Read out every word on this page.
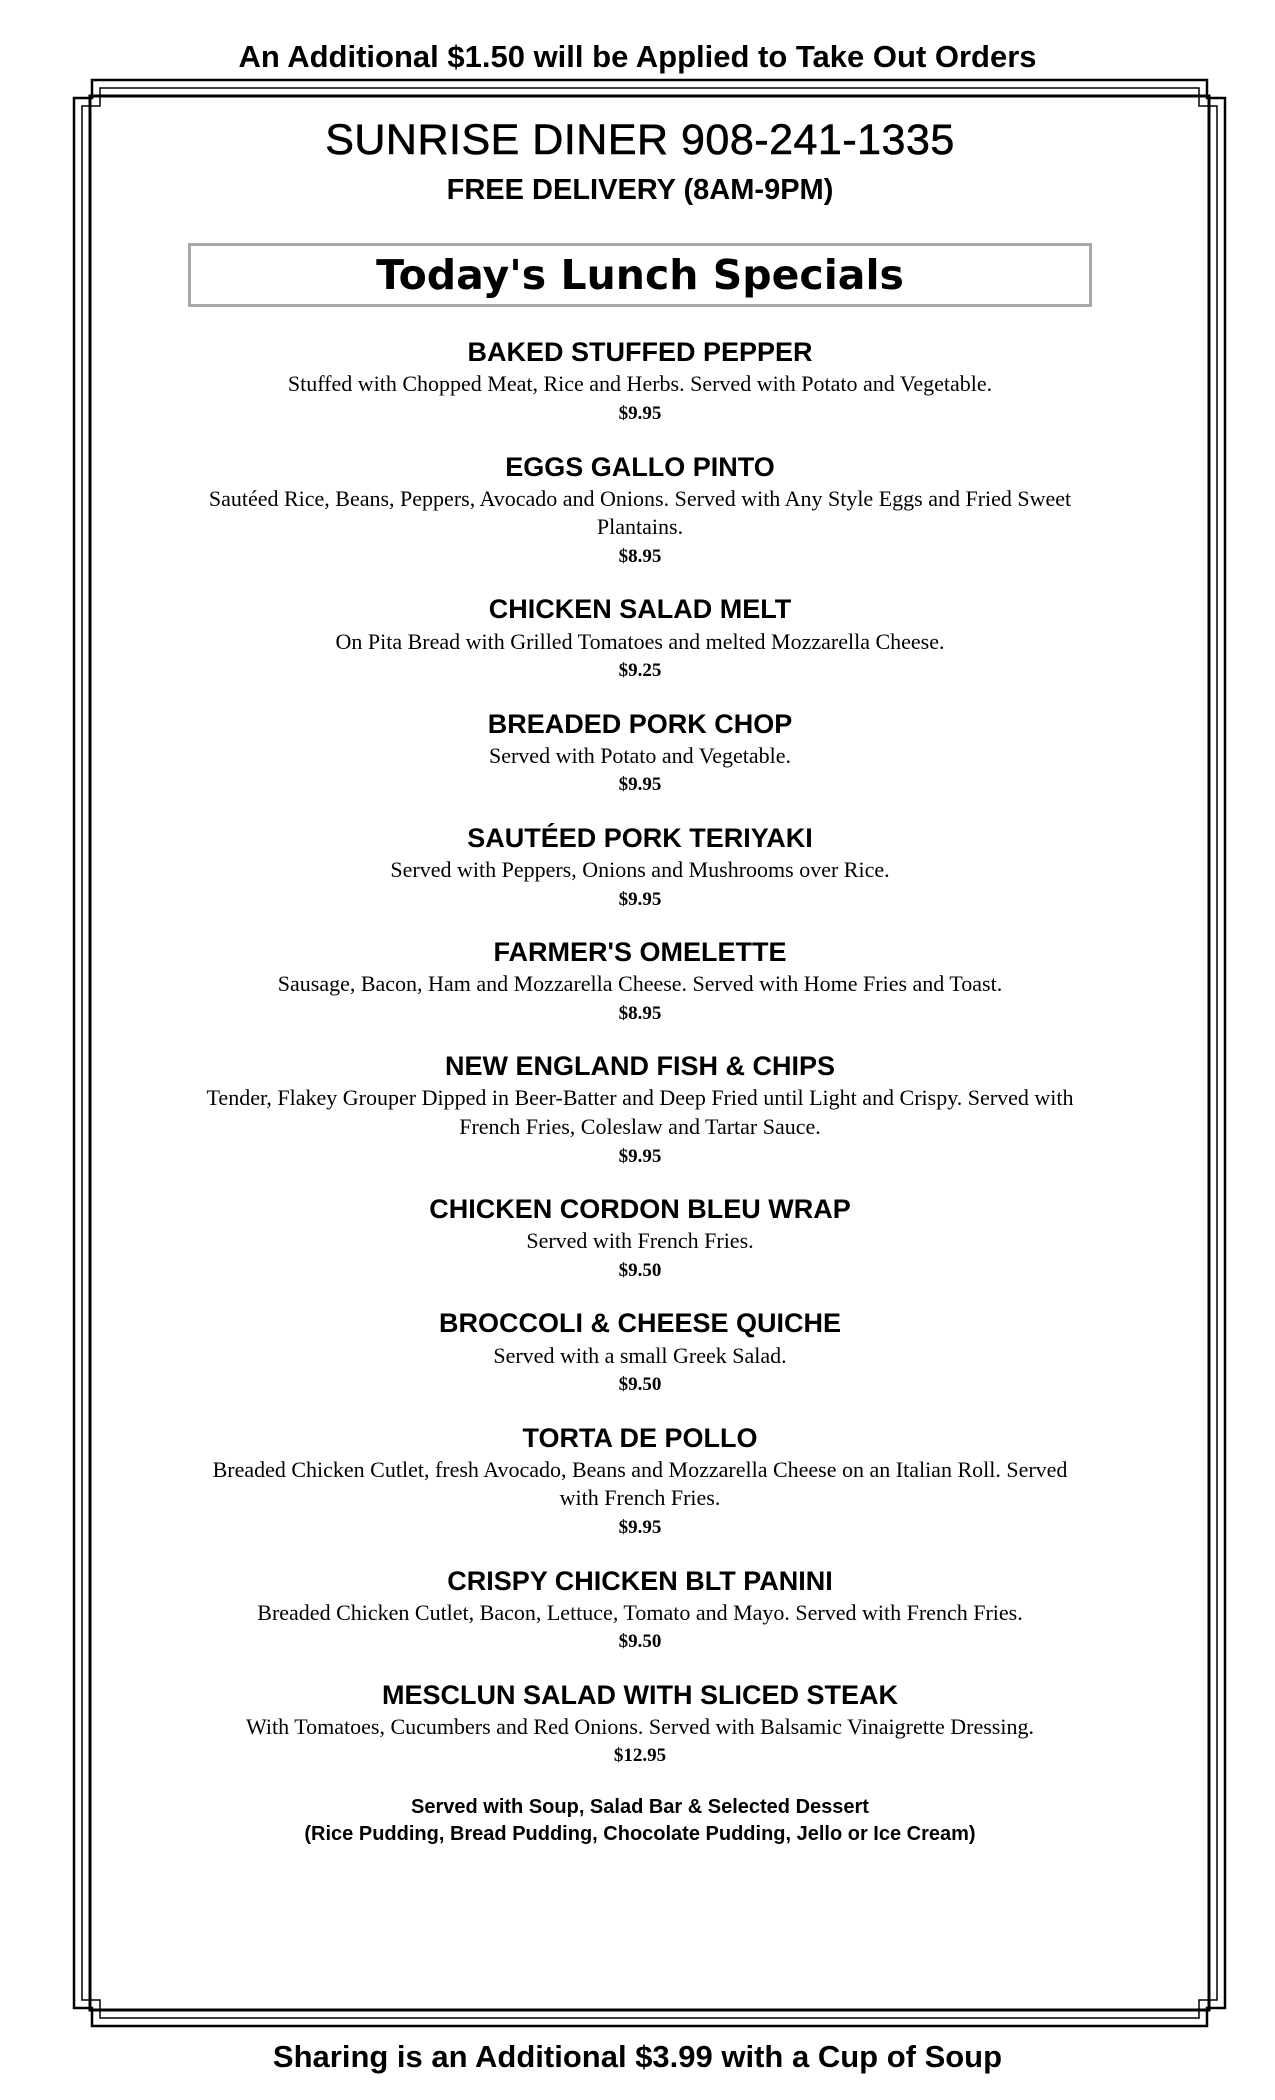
An Additional $1.50 will be Applied to Take Out Orders
SUNRISE DINER 908-241-1335
FREE DELIVERY (8AM-9PM)
Today's Lunch Specials
BAKED STUFFED PEPPER
Stuffed with Chopped Meat, Rice and Herbs. Served with Potato and Vegetable.
$9.95
EGGS GALLO PINTO
Sautéed Rice, Beans, Peppers, Avocado and Onions. Served with Any Style Eggs and Fried Sweet Plantains.
$8.95
CHICKEN SALAD MELT
On Pita Bread with Grilled Tomatoes and melted Mozzarella Cheese.
$9.25
BREADED PORK CHOP
Served with Potato and Vegetable.
$9.95
SAUTÉED PORK TERIYAKI
Served with Peppers, Onions and Mushrooms over Rice.
$9.95
FARMER'S OMELETTE
Sausage, Bacon, Ham and Mozzarella Cheese. Served with Home Fries and Toast.
$8.95
NEW ENGLAND FISH & CHIPS
Tender, Flakey Grouper Dipped in Beer-Batter and Deep Fried until Light and Crispy. Served with French Fries, Coleslaw and Tartar Sauce.
$9.95
CHICKEN CORDON BLEU WRAP
Served with French Fries.
$9.50
BROCCOLI & CHEESE QUICHE
Served with a small Greek Salad.
$9.50
TORTA DE POLLO
Breaded Chicken Cutlet, fresh Avocado, Beans and Mozzarella Cheese on an Italian Roll. Served with French Fries.
$9.95
CRISPY CHICKEN BLT PANINI
Breaded Chicken Cutlet, Bacon, Lettuce, Tomato and Mayo. Served with French Fries.
$9.50
MESCLUN SALAD WITH SLICED STEAK
With Tomatoes, Cucumbers and Red Onions. Served with Balsamic Vinaigrette Dressing.
$12.95
Served with Soup, Salad Bar & Selected Dessert
(Rice Pudding, Bread Pudding, Chocolate Pudding, Jello or Ice Cream)
Sharing is an Additional $3.99 with a Cup of Soup
